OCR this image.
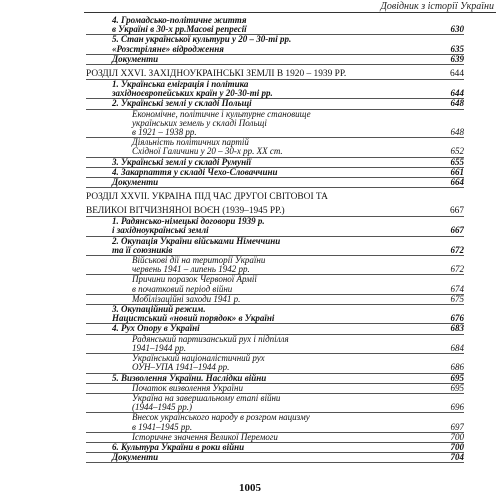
Довідник з історії України
4. Громадсько-політичне життя
в Україні в 30-х рр.Масові репресії	630
5. Стан української культури у 20 – 30-ті рр.
«Розстріляне» відродження	635
Документи	639
РОЗДІЛ XXVI. ЗАХІДНОУКРАЇНСЬКІ ЗЕМЛІ В 1920 – 1939 РР.	644
1. Українська еміграція і політика
західноєвропейських країн у 20-30-ті рр.	644
2. Українські землі у складі Польщі	648
Економічне, політичне і культурне становище
українських земель у складі Польщі
в 1921 – 1938 рр.	648
Діяльність політичних партій
Східної Галичини у 20 – 30-х рр. ХХ ст.	652
3. Українські землі у складі Румунії	655
4. Закарпаття у складі Чехо-Словаччини	661
Документи	664
РОЗДІЛ XXVII. УКРАЇНА ПІД ЧАС ДРУГОЇ СВІТОВОЇ ТА
ВЕЛИКОЇ ВІТЧИЗНЯНОЇ ВОЄН (1939–1945 РР.)	667
1. Радянсько-німецькі договори 1939 р.
і західноукраїнські землі	667
2. Окупація України військами Німеччини
та її союзників	672
Військові дії на території України
червень 1941 – липень 1942 рр.	672
Причини поразок Червоної Армії
в початковий період війни	674
Мобілізаційні заходи 1941 р.	675
3. Окупаційний режим.
Нацистський «новий порядок» в Україні	676
4. Рух Опору в Україні	683
Радянський партизанський рух і підпілля
1941–1944 рр.	684
Український націоналістичний рух
ОУН–УПА 1941–1944 рр.	686
5. Визволення України. Наслідки війни	695
Початок визволення України	695
Україна на завершальному етапі війни
(1944–1945 рр.)	696
Внесок українського народу в розгром нацизму
в 1941–1945 рр.	697
Історичне значення Великої Перемоги	700
6. Культура України в роки війни	700
Документи	704
1005
